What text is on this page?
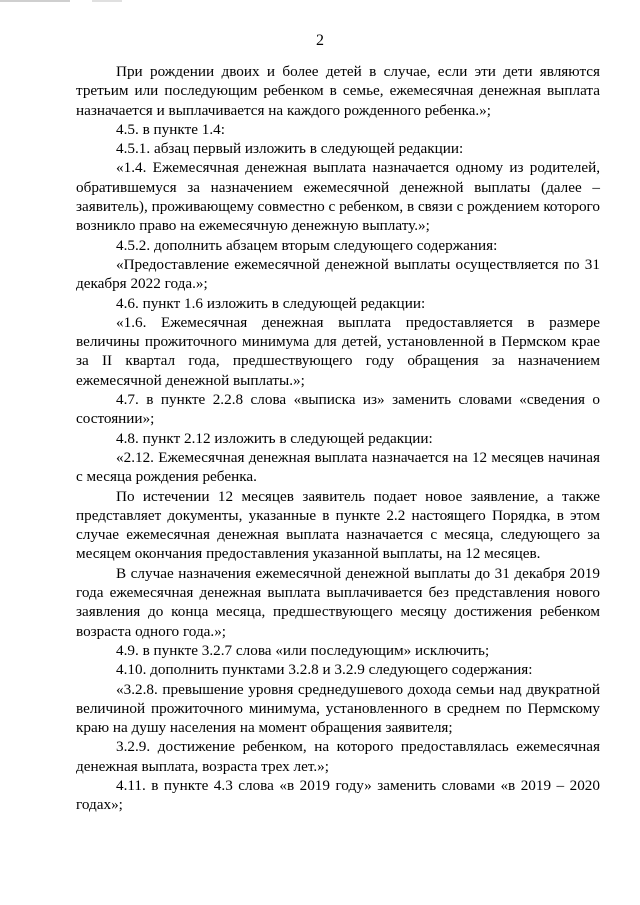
2

При рождении двоих и более детей в случае, если эти дети являются третьим или последующим ребенком в семье, ежемесячная денежная выплата назначается и выплачивается на каждого рожденного ребенка.»;

4.5. в пункте 1.4:

4.5.1. абзац первый изложить в следующей редакции:

«1.4. Ежемесячная денежная выплата назначается одному из родителей, обратившемуся за назначением ежемесячной денежной выплаты (далее – заявитель), проживающему совместно с ребенком, в связи с рождением которого возникло право на ежемесячную денежную выплату.»;

4.5.2. дополнить абзацем вторым следующего содержания:

«Предоставление ежемесячной денежной выплаты осуществляется по 31 декабря 2022 года.»;

4.6. пункт 1.6 изложить в следующей редакции:

«1.6. Ежемесячная денежная выплата предоставляется в размере величины прожиточного минимума для детей, установленной в Пермском крае за II квартал года, предшествующего году обращения за назначением ежемесячной денежной выплаты.»;

4.7. в пункте 2.2.8 слова «выписка из» заменить словами «сведения о состоянии»;

4.8. пункт 2.12 изложить в следующей редакции:

«2.12. Ежемесячная денежная выплата назначается на 12 месяцев начиная с месяца рождения ребенка.

По истечении 12 месяцев заявитель подает новое заявление, а также представляет документы, указанные в пункте 2.2 настоящего Порядка, в этом случае ежемесячная денежная выплата назначается с месяца, следующего за месяцем окончания предоставления указанной выплаты, на 12 месяцев.

В случае назначения ежемесячной денежной выплаты до 31 декабря 2019 года ежемесячная денежная выплата выплачивается без представления нового заявления до конца месяца, предшествующего месяцу достижения ребенком возраста одного года.»;

4.9. в пункте 3.2.7 слова «или последующим» исключить;

4.10. дополнить пунктами 3.2.8 и 3.2.9 следующего содержания:

«3.2.8. превышение уровня среднедушевого дохода семьи над двукратной величиной прожиточного минимума, установленного в среднем по Пермскому краю на душу населения на момент обращения заявителя;

3.2.9. достижение ребенком, на которого предоставлялась ежемесячная денежная выплата, возраста трех лет.»;

4.11. в пункте 4.3 слова «в 2019 году» заменить словами «в 2019 – 2020 годах»;
